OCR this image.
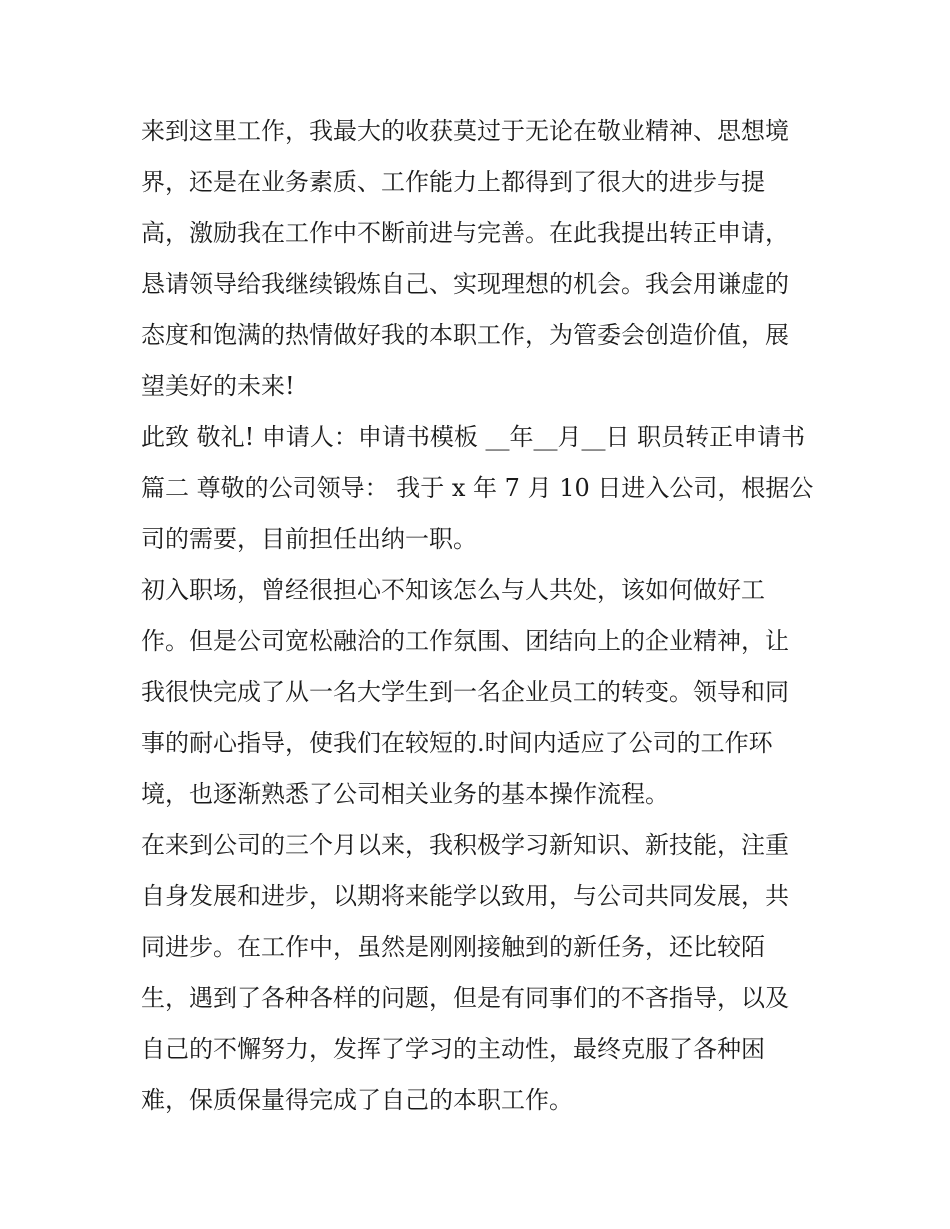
来到这里工作，我最大的收获莫过于无论在敬业精神、思想境
界，还是在业务素质、工作能力上都得到了很大的进步与提
高，激励我在工作中不断前进与完善。在此我提出转正申请，
恳请领导给我继续锻炼自己、实现理想的机会。我会用谦虚的
态度和饱满的热情做好我的本职工作，为管委会创造价值，展
望美好的未来!

此致 敬礼! 申请人：申请书模板 __年__月__日 职员转正申请书
篇二 尊敬的公司领导： 我于 x 年 7 月 10 日进入公司，根据公
司的需要，目前担任出纳一职。

初入职场，曾经很担心不知该怎么与人共处，该如何做好工
作。但是公司宽松融洽的工作氛围、团结向上的企业精神，让
我很快完成了从一名大学生到一名企业员工的转变。领导和同
事的耐心指导，使我们在较短的.时间内适应了公司的工作环
境，也逐渐熟悉了公司相关业务的基本操作流程。

在来到公司的三个月以来，我积极学习新知识、新技能，注重
自身发展和进步，以期将来能学以致用，与公司共同发展，共
同进步。在工作中，虽然是刚刚接触到的新任务，还比较陌
生，遇到了各种各样的问题，但是有同事们的不吝指导，以及
自己的不懈努力，发挥了学习的主动性，最终克服了各种困
难，保质保量得完成了自己的本职工作。
